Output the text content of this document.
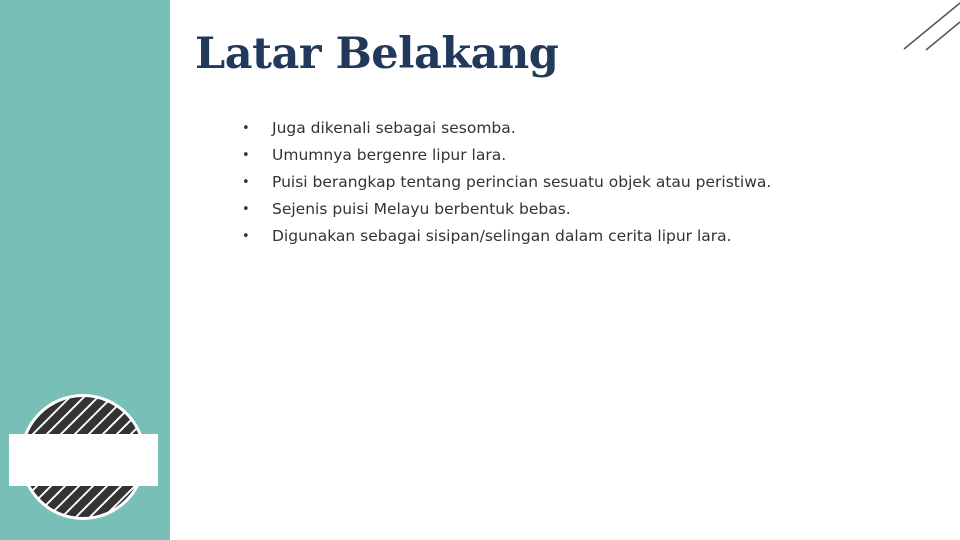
Latar Belakang
• Juga dikenali sebagai sesomba.
• Umumnya bergenre lipur lara.
• Puisi berangkap tentang perincian sesuatu objek atau peristiwa.
• Sejenis puisi Melayu berbentuk bebas.
• Digunakan sebagai sisipan/selingan dalam cerita lipur lara.
